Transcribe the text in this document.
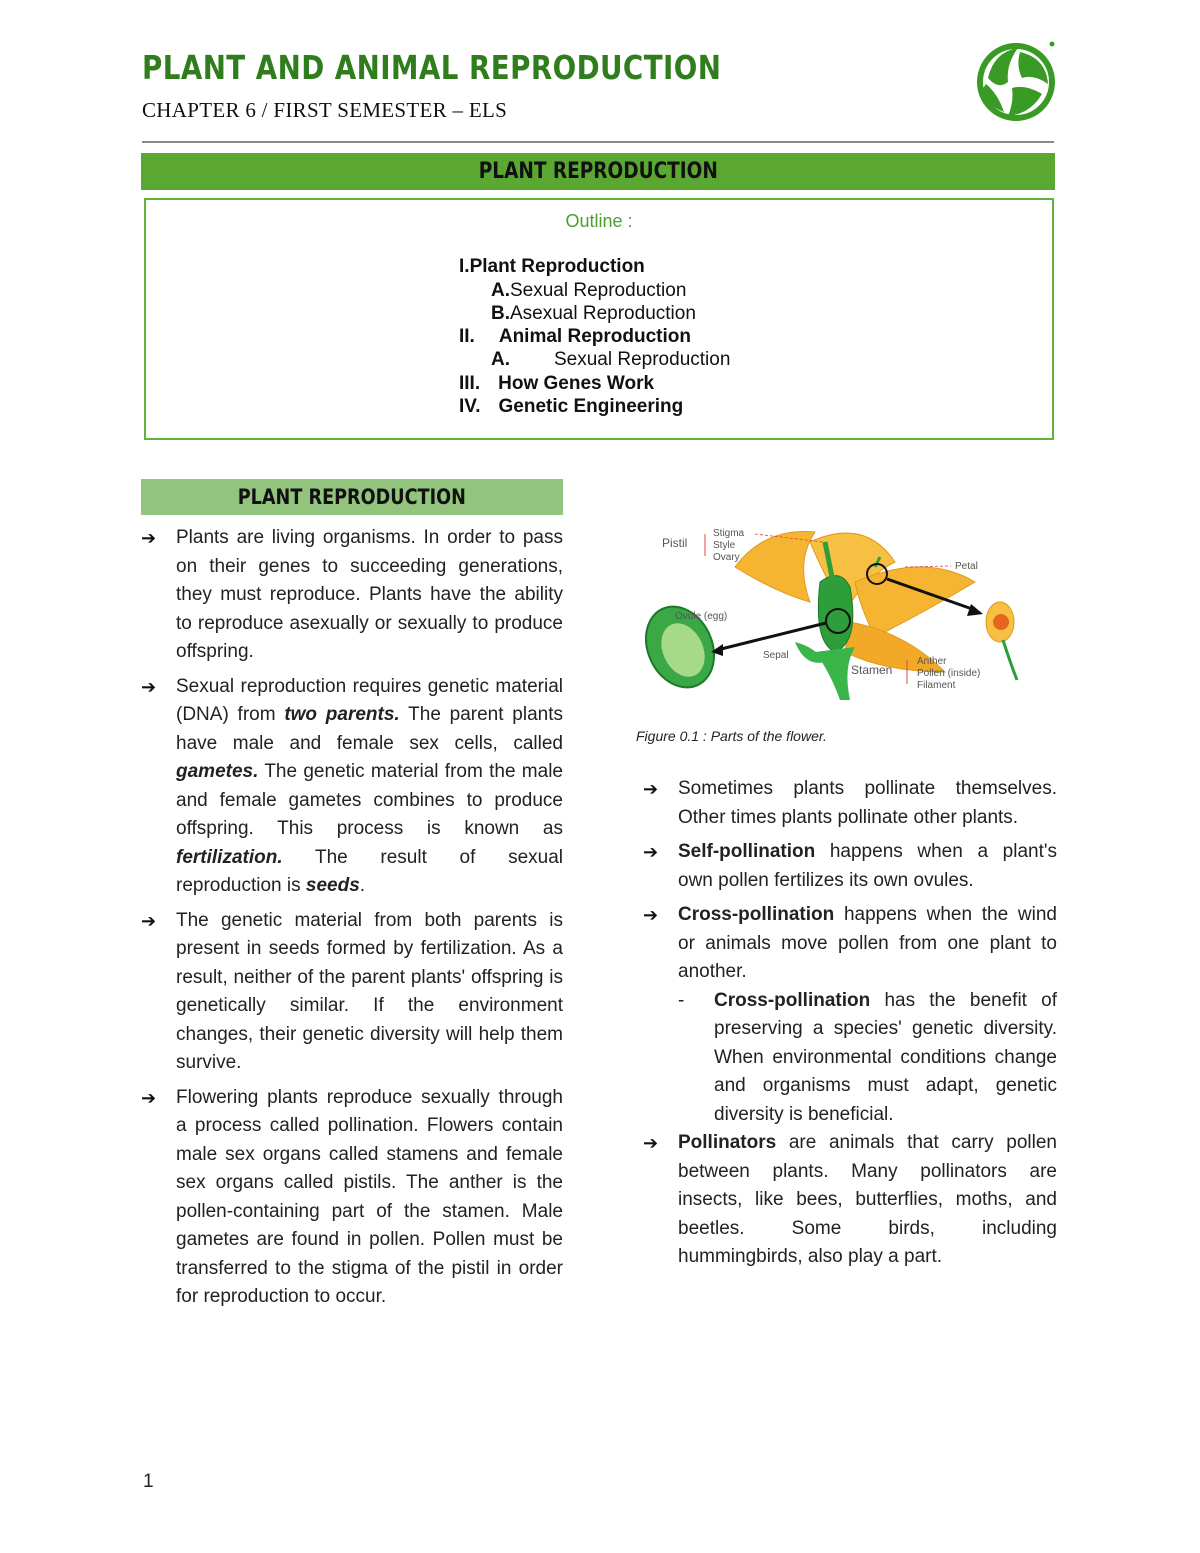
PLANT AND ANIMAL REPRODUCTION
CHAPTER 6 / FIRST SEMESTER – ELS
PLANT REPRODUCTION
Outline :
I.Plant Reproduction
A.Sexual Reproduction
B.Asexual Reproduction
II. Animal Reproduction
A. Sexual Reproduction
III. How Genes Work
IV. Genetic Engineering
PLANT REPRODUCTION
➔ Plants are living organisms. In order to pass on their genes to succeeding generations, they must reproduce. Plants have the ability to reproduce asexually or sexually to produce offspring.
➔ Sexual reproduction requires genetic material (DNA) from two parents. The parent plants have male and female sex cells, called gametes. The genetic material from the male and female gametes combines to produce offspring. This process is known as fertilization. The result of sexual reproduction is seeds.
➔ The genetic material from both parents is present in seeds formed by fertilization. As a result, neither of the parent plants' offspring is genetically similar. If the environment changes, their genetic diversity will help them survive.
➔ Flowering plants reproduce sexually through a process called pollination. Flowers contain male sex organs called stamens and female sex organs called pistils. The anther is the pollen-containing part of the stamen. Male gametes are found in pollen. Pollen must be transferred to the stigma of the pistil in order for reproduction to occur.
Pistil
Stigma
Style
Ovary
Petal
Ovule (egg)
Sepal
Stamen
Anther
Pollen (inside)
Filament
Figure 0.1 : Parts of the flower.
➔ Sometimes plants pollinate themselves. Other times plants pollinate other plants.
➔ Self-pollination happens when a plant's own pollen fertilizes its own ovules.
➔ Cross-pollination happens when the wind or animals move pollen from one plant to another.
- Cross-pollination has the benefit of preserving a species' genetic diversity. When environmental conditions change and organisms must adapt, genetic diversity is beneficial.
➔ Pollinators are animals that carry pollen between plants. Many pollinators are insects, like bees, butterflies, moths, and beetles. Some birds, including hummingbirds, also play a part.
1
